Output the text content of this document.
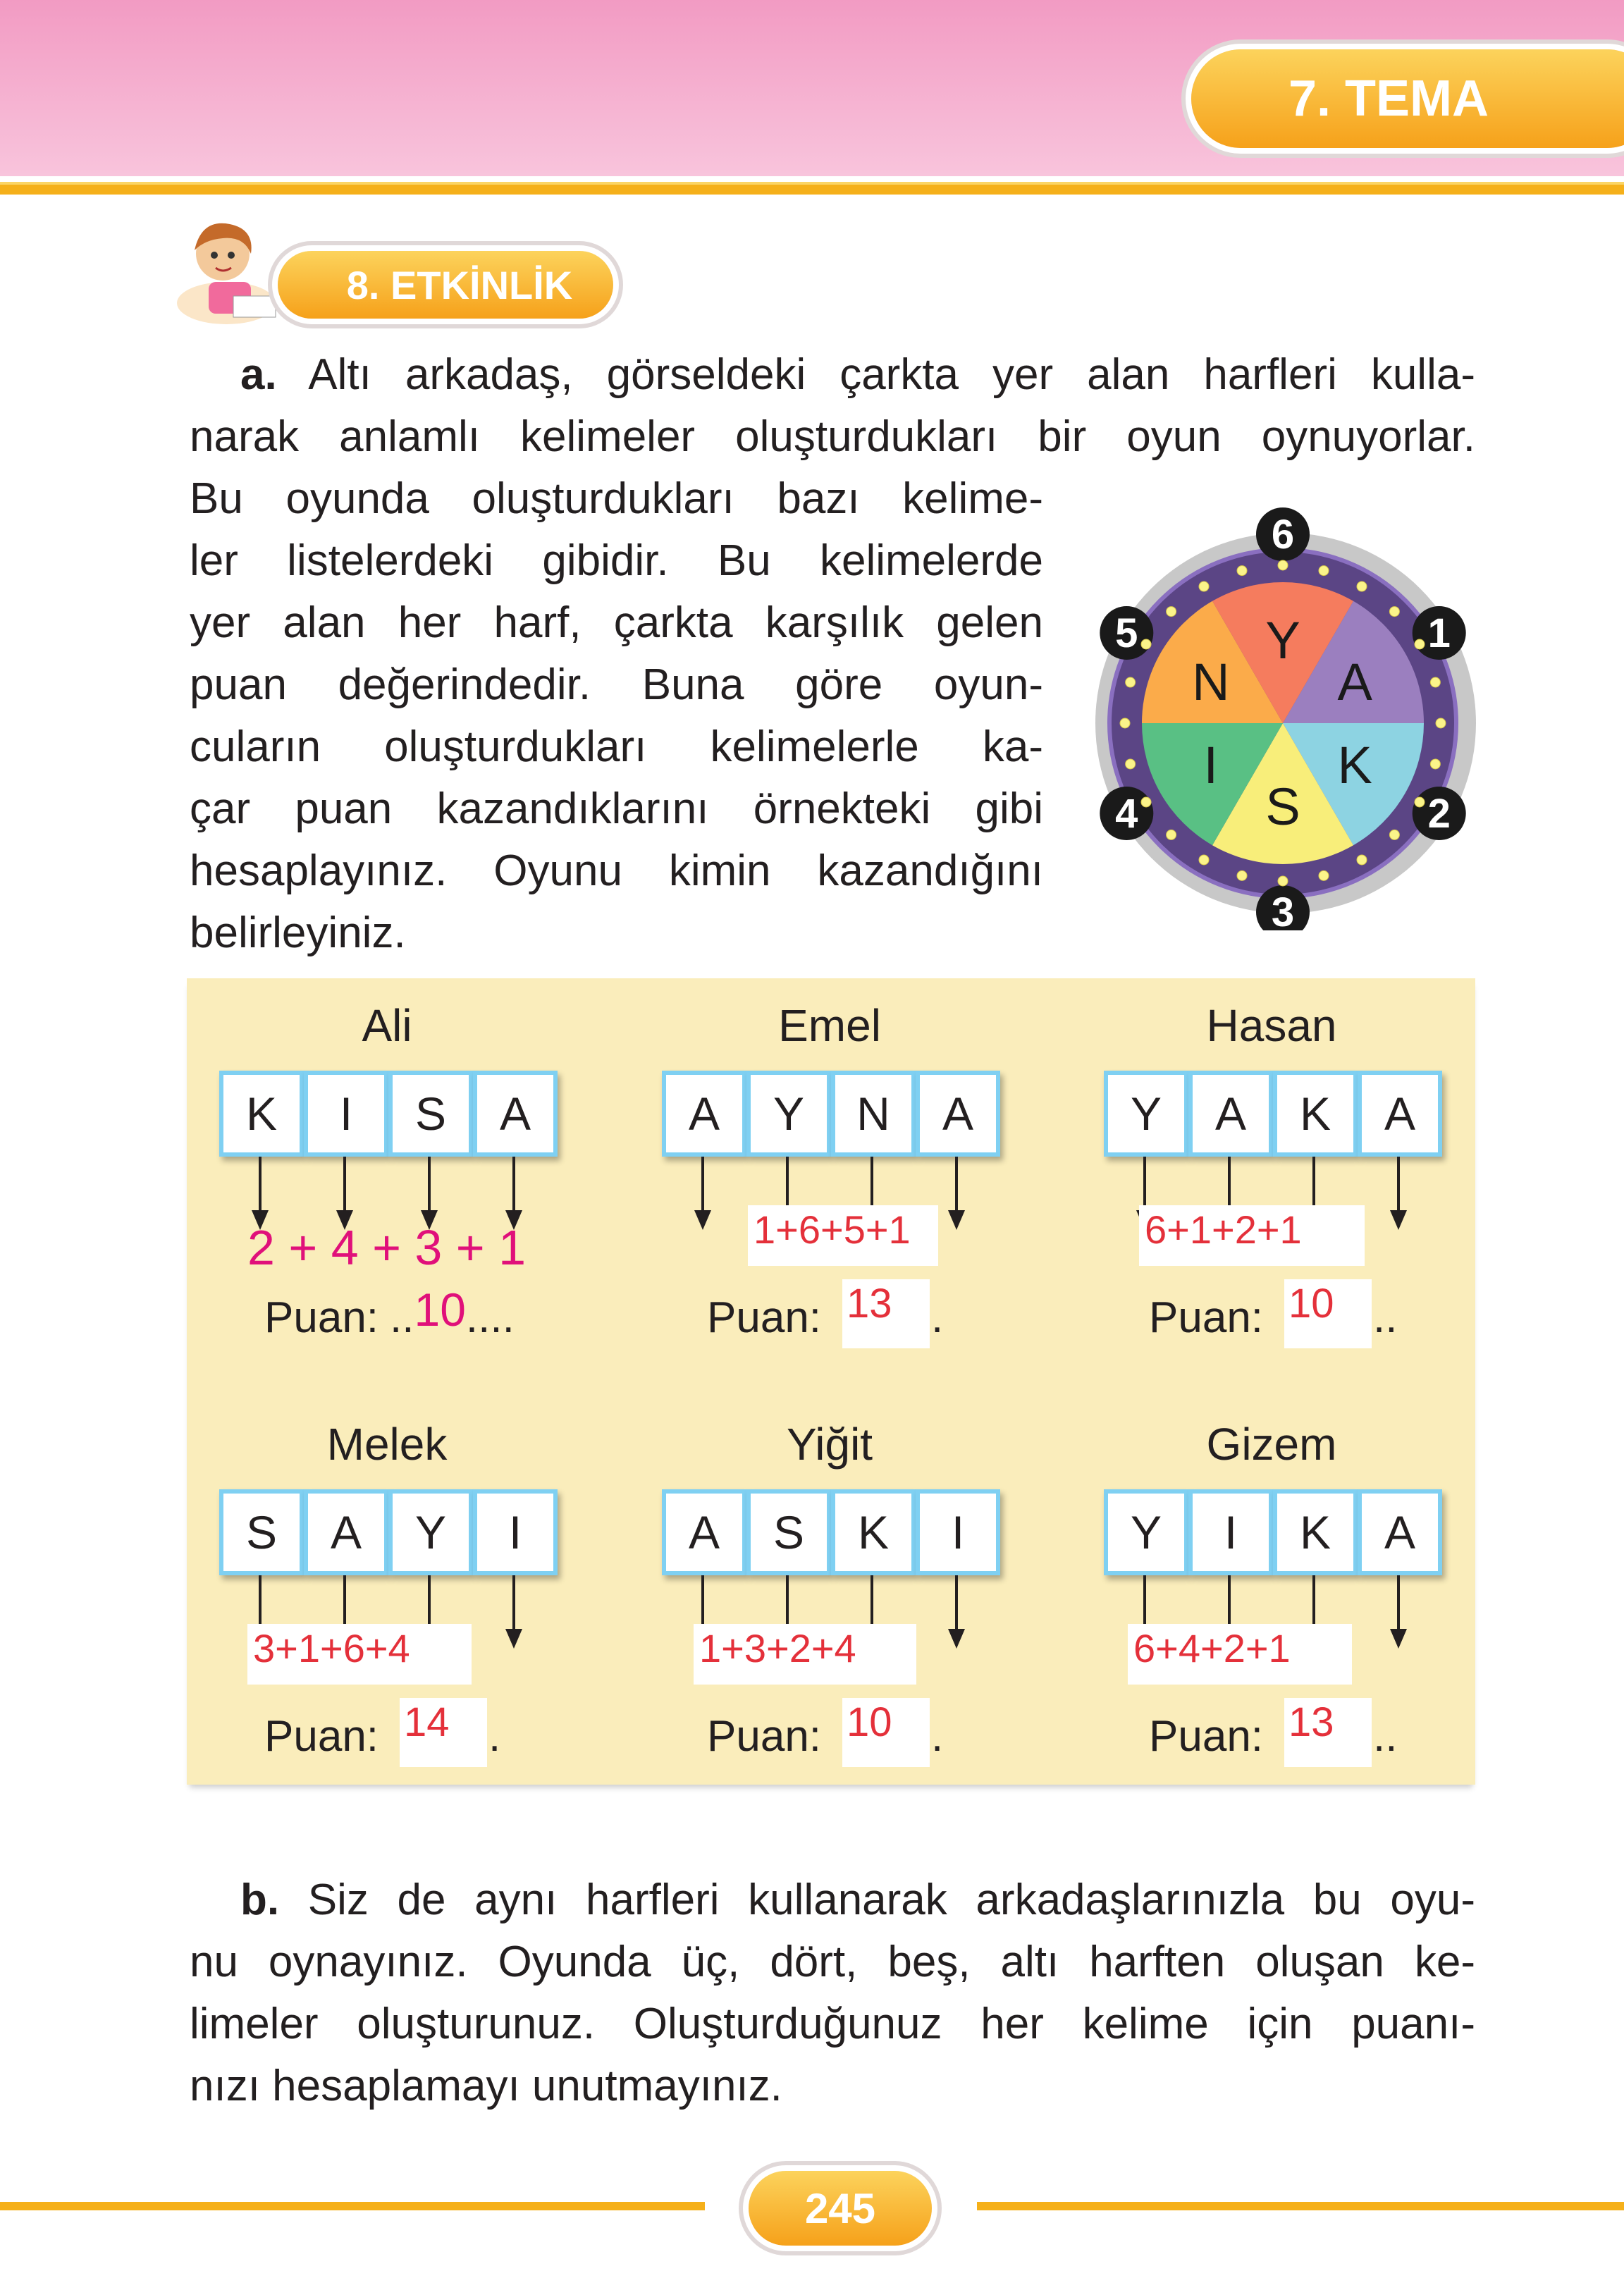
7. TEMA
8. ETKİNLİK
a. Altı arkadaş, görseldeki çarkta yer alan harfleri kulla-
narak anlamlı kelimeler oluşturdukları bir oyun oynuyorlar.
Bu oyunda oluşturdukları bazı kelime-
ler listelerdeki gibidir. Bu kelimelerde
yer alan her harf, çarkta karşılık gelen
puan değerindedir. Buna göre oyun-
cuların oluşturdukları kelimelerle ka-
çar puan kazandıklarını örnekteki gibi
hesaplayınız. Oyunu kimin kazandığını
belirleyiniz.
A
1
K
2
S
3
I
4
N
5 Y
6
Ali
K	I	S	A
2 + 4 + 3 + 1
Puan: .. 10 ....
Emel
A	Y	N	A
1+6+5+1
Puan: 13 .
Hasan
Y	A	K	A
6+1+2+1
Puan: 10 ..
Melek
S	A	Y	I
3+1+6+4
Puan: 14 .
Yiğit
A	S	K	I
1+3+2+4
Puan: 10 .
Gizem
Y	I	K	A
6+4+2+1
Puan: 13 ..
b. Siz de aynı harfleri kullanarak arkadaşlarınızla bu oyu-
nu oynayınız. Oyunda üç, dört, beş, altı harften oluşan ke-
limeler oluşturunuz. Oluşturduğunuz her kelime için puanı-
nızı hesaplamayı unutmayınız.
245
